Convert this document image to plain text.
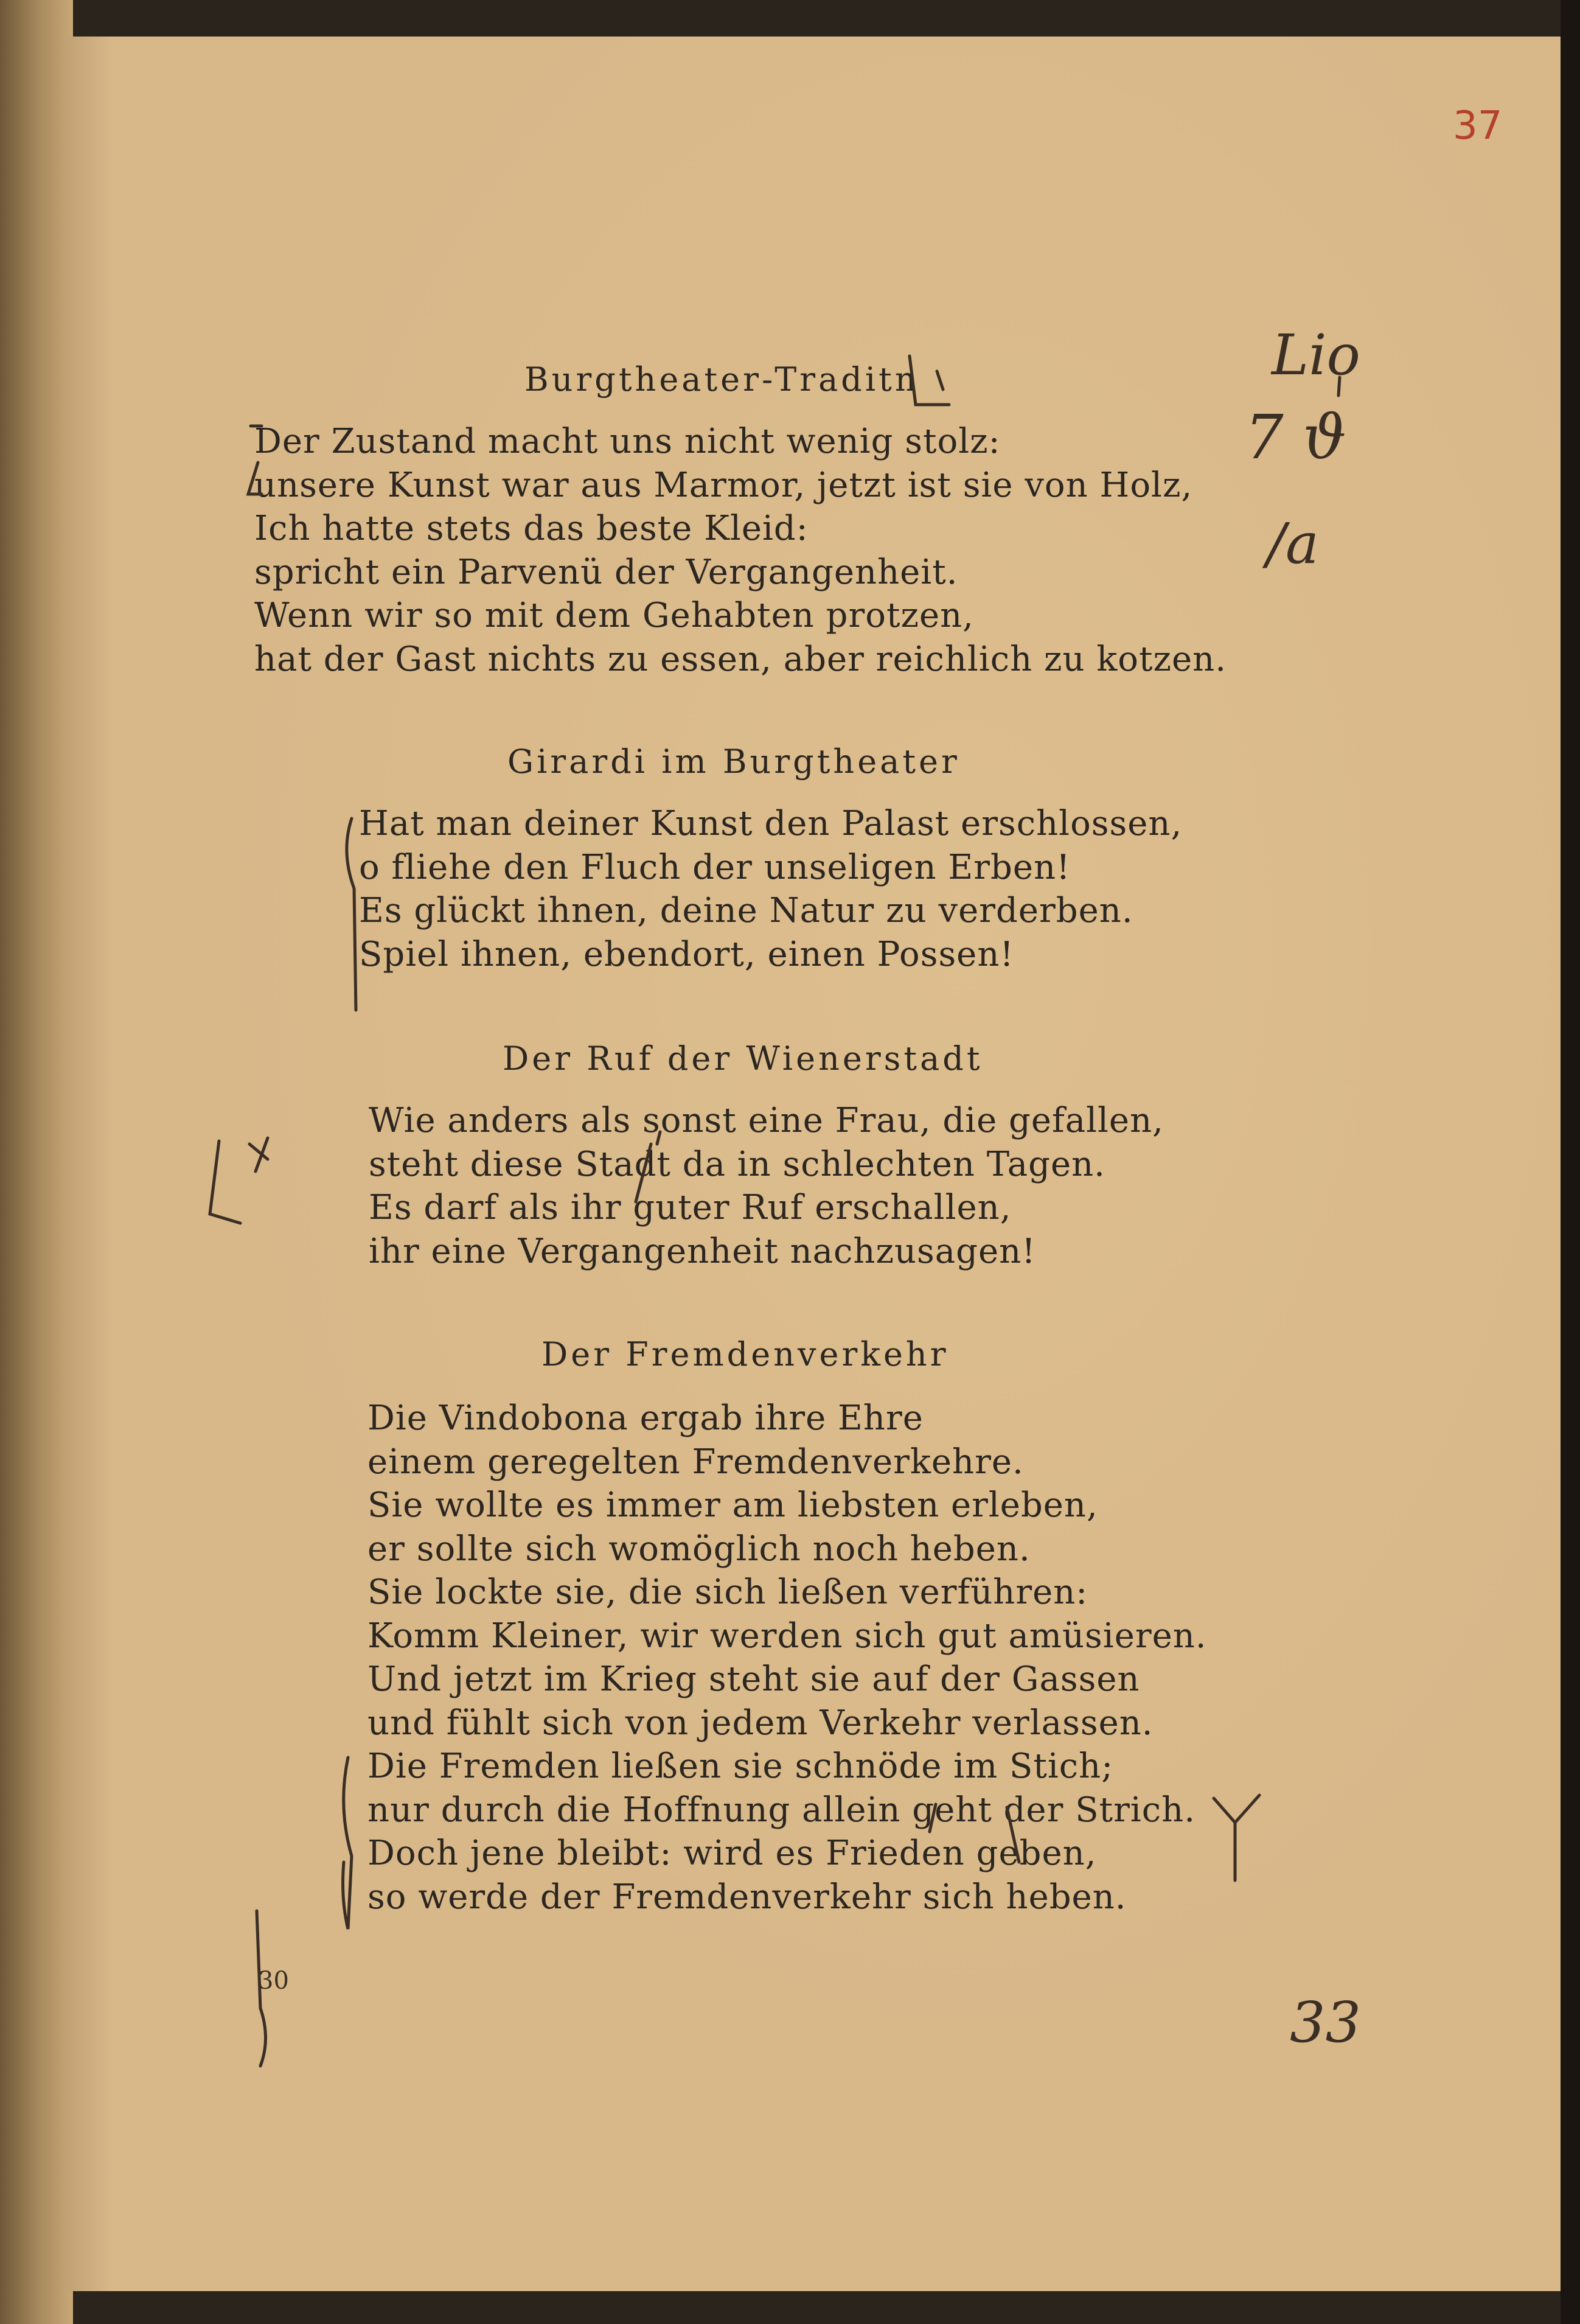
37
Burgtheater-Traditn
Der Zustand macht uns nicht wenig stolz:
unsere Kunst war aus Marmor, jetzt ist sie von Holz,
Ich hatte stets das beste Kleid:
spricht ein Parvenü der Vergangenheit.
Wenn wir so mit dem Gehabten protzen,
hat der Gast nichts zu essen, aber reichlich zu kotzen.
Girardi im Burgtheater
Hat man deiner Kunst den Palast erschlossen,
o fliehe den Fluch der unseligen Erben!
Es glückt ihnen, deine Natur zu verderben.
Spiel ihnen, ebendort, einen Possen!
Der Ruf der Wienerstadt
Wie anders als sonst eine Frau, die gefallen,
steht diese Stadt da in schlechten Tagen.
Es darf als ihr guter Ruf erschallen,
ihr eine Vergangenheit nachzusagen!
Der Fremdenverkehr
Die Vindobona ergab ihre Ehre
einem geregelten Fremdenverkehre.
Sie wollte es immer am liebsten erleben,
er sollte sich womöglich noch heben.
Sie lockte sie, die sich ließen verführen:
Komm Kleiner, wir werden sich gut amüsieren.
Und jetzt im Krieg steht sie auf der Gassen
und fühlt sich von jedem Verkehr verlassen.
Die Fremden ließen sie schnöde im Stich;
nur durch die Hoffnung allein geht der Strich.
Doch jene bleibt: wird es Frieden geben,
so werde der Fremdenverkehr sich heben.
30
Lio
7 ϑ
/a
33
